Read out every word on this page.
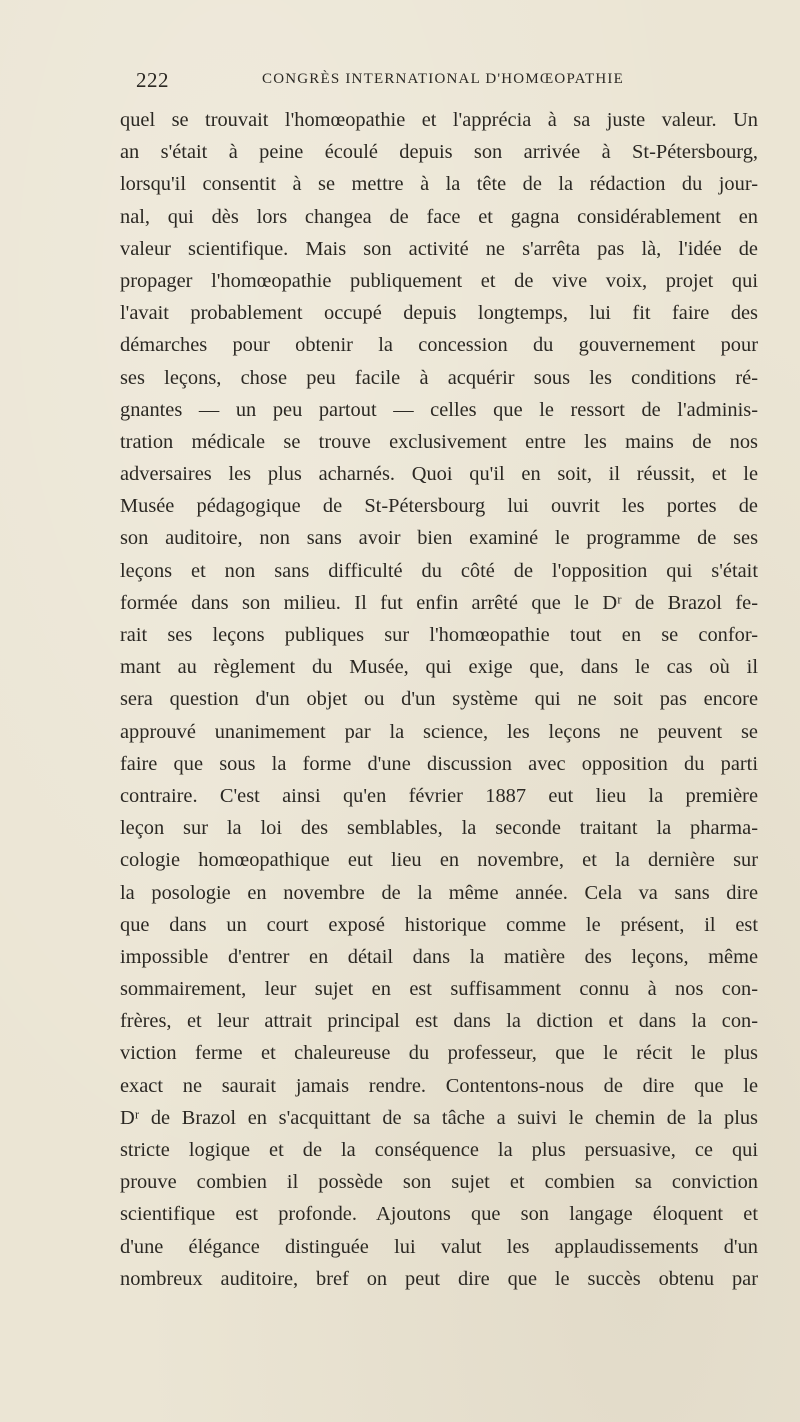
222	CONGRÈS INTERNATIONAL D'HOMŒOPATHIE
quel se trouvait l'homœopathie et l'apprécia à sa juste valeur. Un
an s'était à peine écoulé depuis son arrivée à St-Pétersbourg,
lorsqu'il consentit à se mettre à la tête de la rédaction du jour-
nal, qui dès lors changea de face et gagna considérablement en
valeur scientifique. Mais son activité ne s'arrêta pas là, l'idée de
propager l'homœopathie publiquement et de vive voix, projet qui
l'avait probablement occupé depuis longtemps, lui fit faire des
démarches pour obtenir la concession du gouvernement pour
ses leçons, chose peu facile à acquérir sous les conditions ré-
gnantes — un peu partout — celles que le ressort de l'adminis-
tration médicale se trouve exclusivement entre les mains de nos
adversaires les plus acharnés. Quoi qu'il en soit, il réussit, et le
Musée pédagogique de St-Pétersbourg lui ouvrit les portes de
son auditoire, non sans avoir bien examiné le programme de ses
leçons et non sans difficulté du côté de l'opposition qui s'était
formée dans son milieu. Il fut enfin arrêté que le Dʳ de Brazol fe-
rait ses leçons publiques sur l'homœopathie tout en se confor-
mant au règlement du Musée, qui exige que, dans le cas où il
sera question d'un objet ou d'un système qui ne soit pas encore
approuvé unanimement par la science, les leçons ne peuvent se
faire que sous la forme d'une discussion avec opposition du parti
contraire. C'est ainsi qu'en février 1887 eut lieu la première
leçon sur la loi des semblables, la seconde traitant la pharma-
cologie homœopathique eut lieu en novembre, et la dernière sur
la posologie en novembre de la même année. Cela va sans dire
que dans un court exposé historique comme le présent, il est
impossible d'entrer en détail dans la matière des leçons, même
sommairement, leur sujet en est suffisamment connu à nos con-
frères, et leur attrait principal est dans la diction et dans la con-
viction ferme et chaleureuse du professeur, que le récit le plus
exact ne saurait jamais rendre. Contentons-nous de dire que le
Dʳ de Brazol en s'acquittant de sa tâche a suivi le chemin de la plus
stricte logique et de la conséquence la plus persuasive, ce qui
prouve combien il possède son sujet et combien sa conviction
scientifique est profonde. Ajoutons que son langage éloquent et
d'une élégance distinguée lui valut les applaudissements d'un
nombreux auditoire, bref on peut dire que le succès obtenu par
